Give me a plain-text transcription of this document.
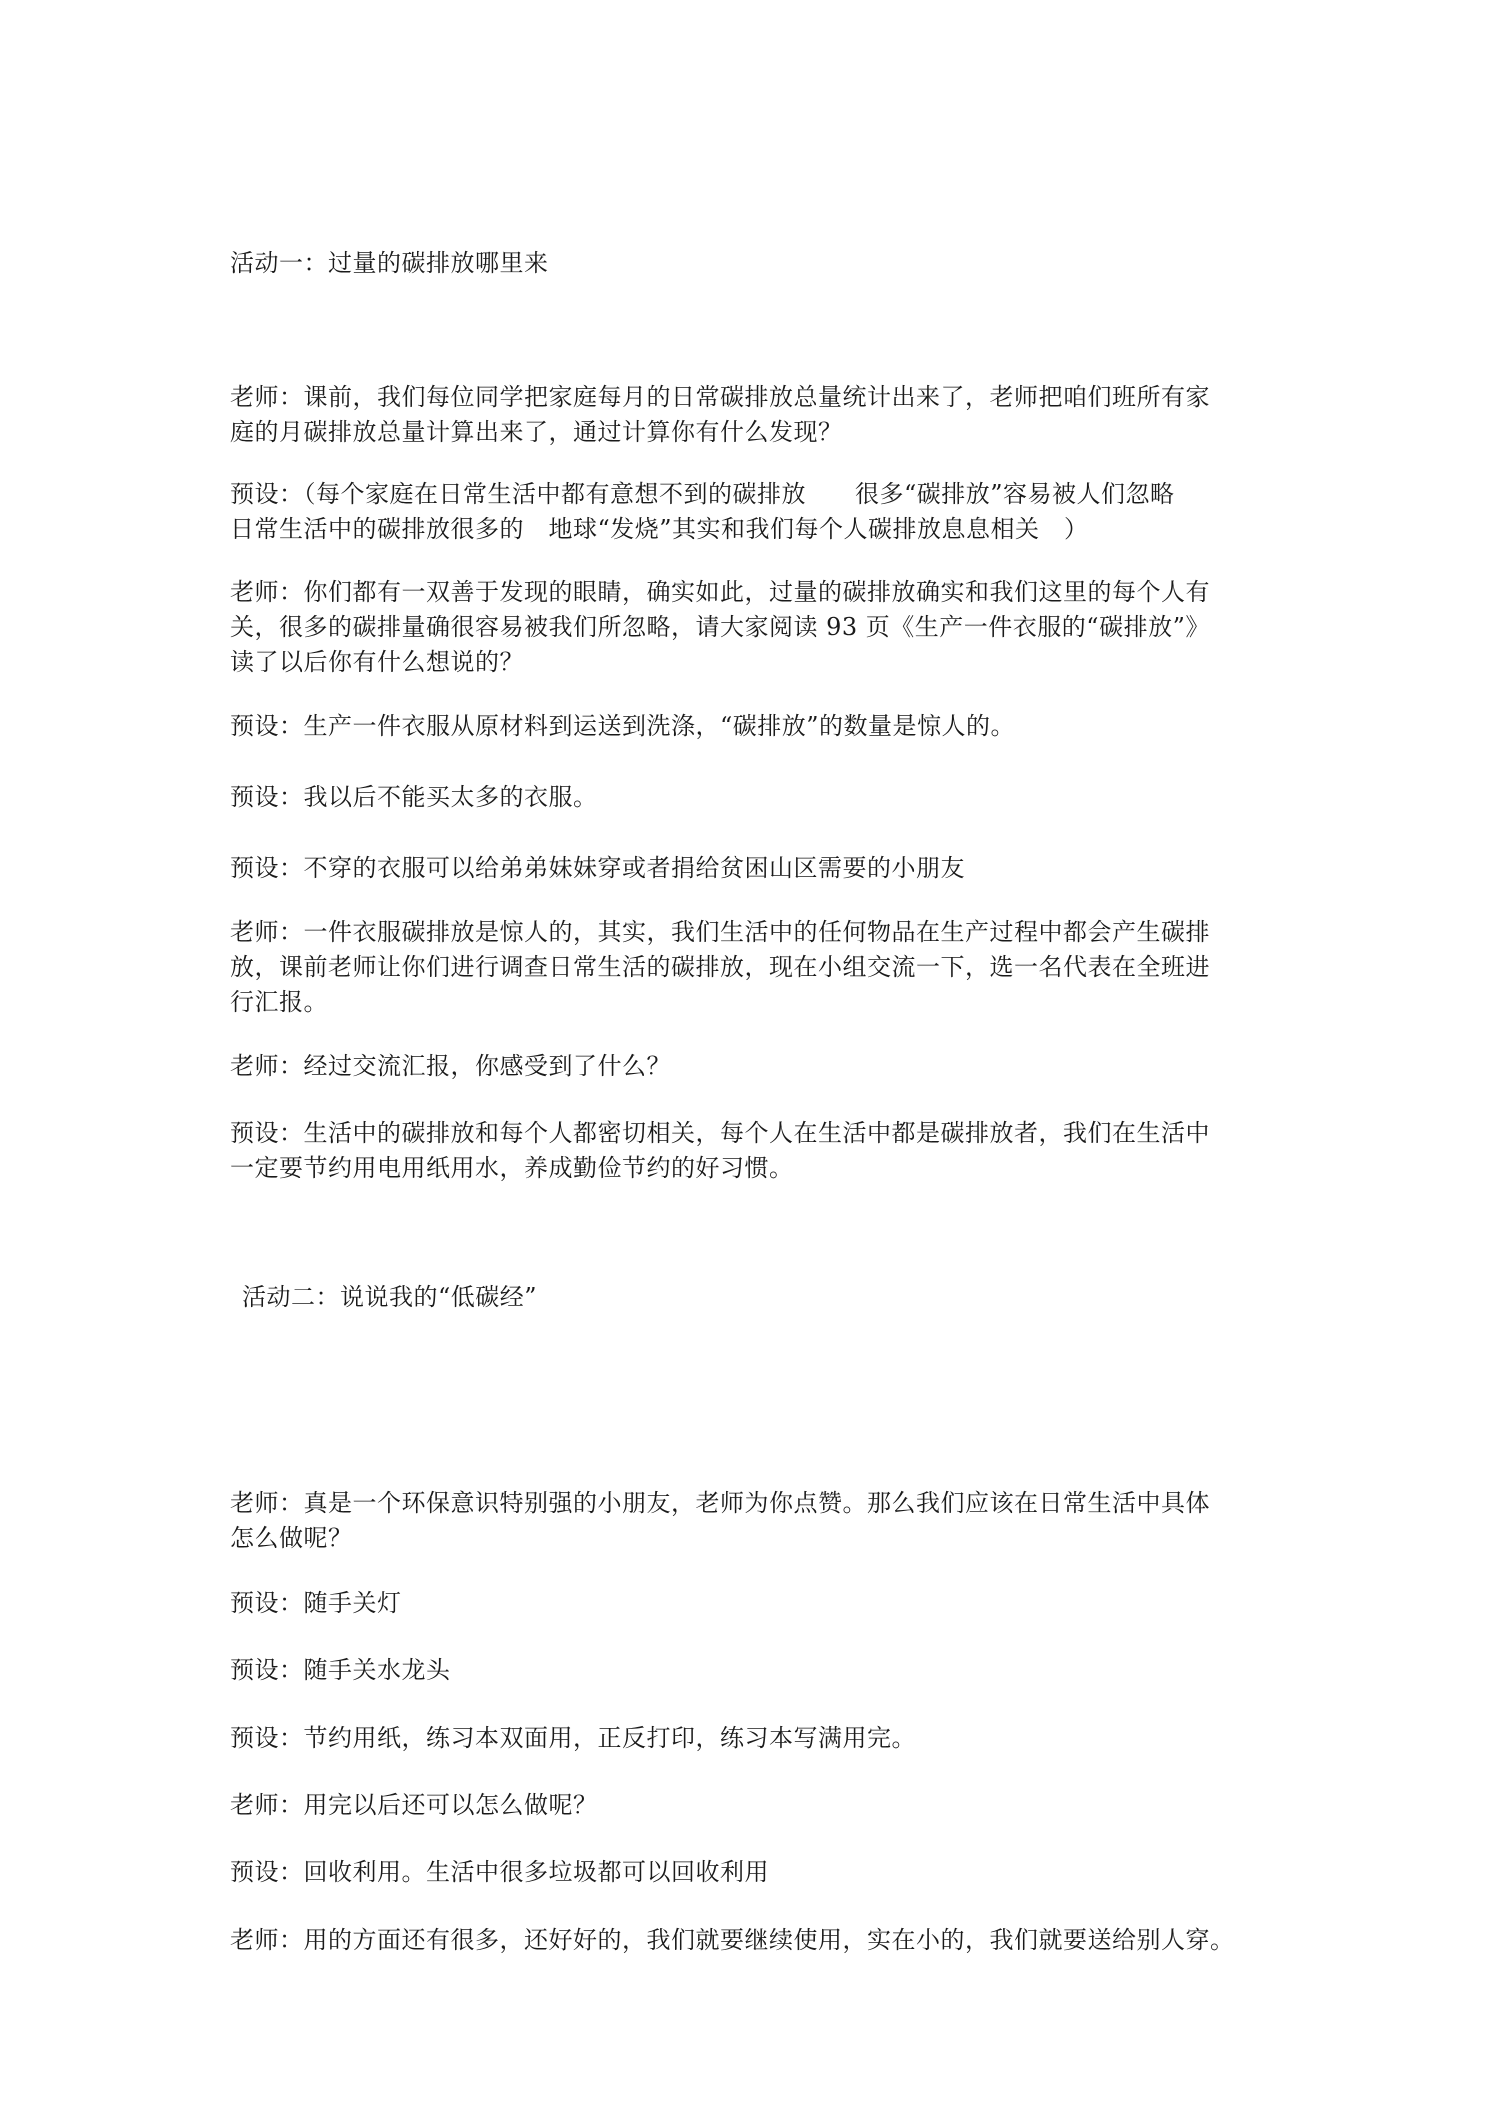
活动一：过量的碳排放哪里来
老师：课前，我们每位同学把家庭每月的日常碳排放总量统计出来了，老师把咱们班所有家
庭的月碳排放总量计算出来了，通过计算你有什么发现？
预设：（每个家庭在日常生活中都有意想不到的碳排放　　很多“碳排放”容易被人们忽略
日常生活中的碳排放很多的　地球“发烧”其实和我们每个人碳排放息息相关　）
老师：你们都有一双善于发现的眼睛，确实如此，过量的碳排放确实和我们这里的每个人有
关，很多的碳排量确很容易被我们所忽略，请大家阅读 93 页《生产一件衣服的“碳排放”》
读了以后你有什么想说的？
预设：生产一件衣服从原材料到运送到洗涤，“碳排放”的数量是惊人的。
预设：我以后不能买太多的衣服。
预设：不穿的衣服可以给弟弟妹妹穿或者捐给贫困山区需要的小朋友
老师：一件衣服碳排放是惊人的，其实，我们生活中的任何物品在生产过程中都会产生碳排
放，课前老师让你们进行调查日常生活的碳排放，现在小组交流一下，选一名代表在全班进
行汇报。
老师：经过交流汇报，你感受到了什么？
预设：生活中的碳排放和每个人都密切相关，每个人在生活中都是碳排放者，我们在生活中
一定要节约用电用纸用水，养成勤俭节约的好习惯。
活动二：说说我的“低碳经”
老师：真是一个环保意识特别强的小朋友，老师为你点赞。那么我们应该在日常生活中具体
怎么做呢？
预设：随手关灯
预设：随手关水龙头
预设：节约用纸，练习本双面用，正反打印，练习本写满用完。
老师：用完以后还可以怎么做呢？
预设：回收利用。生活中很多垃圾都可以回收利用
老师：用的方面还有很多，还好好的，我们就要继续使用，实在小的，我们就要送给别人穿。
